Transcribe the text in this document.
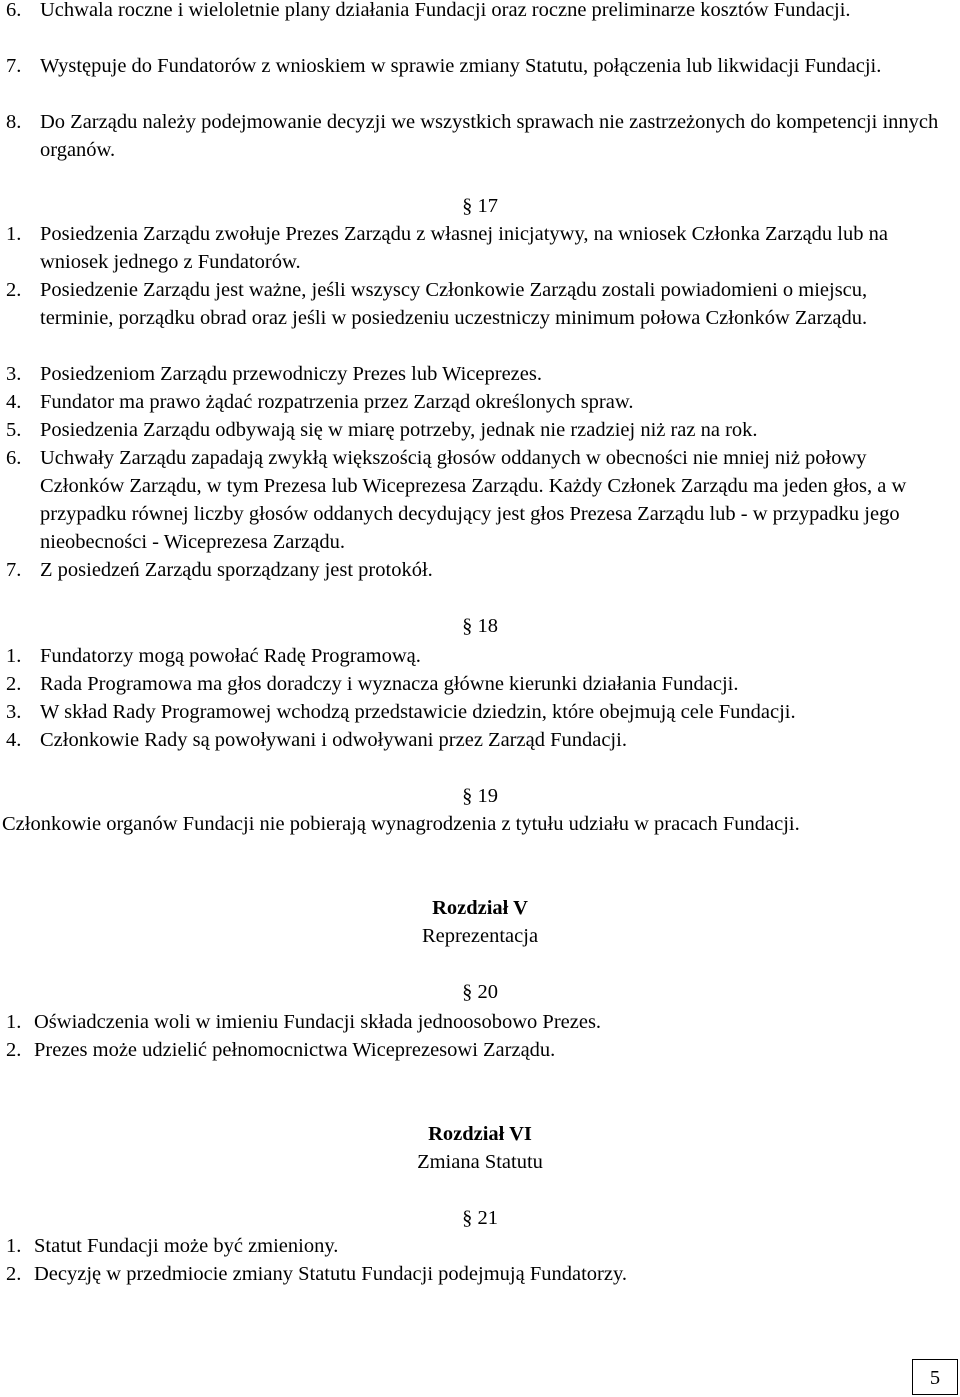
6. Uchwala roczne i wieloletnie plany działania Fundacji oraz roczne preliminarze kosztów Fundacji.
7. Występuje do Fundatorów z wnioskiem w sprawie zmiany Statutu, połączenia lub likwidacji Fundacji.
8. Do Zarządu należy podejmowanie decyzji we wszystkich sprawach nie zastrzeżonych do kompetencji innych organów.
§ 17
1. Posiedzenia Zarządu zwołuje Prezes Zarządu z własnej inicjatywy, na wniosek Członka Zarządu lub na wniosek jednego z Fundatorów.
2. Posiedzenie Zarządu jest ważne, jeśli wszyscy Członkowie Zarządu zostali powiadomieni o miejscu, terminie, porządku obrad oraz jeśli w posiedzeniu uczestniczy minimum połowa Członków Zarządu.
3. Posiedzeniom Zarządu przewodniczy Prezes lub Wiceprezes.
4. Fundator ma prawo żądać rozpatrzenia przez Zarząd określonych spraw.
5. Posiedzenia Zarządu odbywają się w miarę potrzeby, jednak nie rzadziej niż raz na rok.
6. Uchwały Zarządu zapadają zwykłą większością głosów oddanych w obecności nie mniej niż połowy Członków Zarządu, w tym Prezesa lub Wiceprezesa Zarządu. Każdy Członek Zarządu ma jeden głos, a w przypadku równej liczby głosów oddanych decydujący jest głos Prezesa Zarządu lub - w przypadku jego nieobecności - Wiceprezesa Zarządu.
7. Z posiedzeń Zarządu sporządzany jest protokół.
§ 18
1. Fundatorzy mogą powołać Radę Programową.
2. Rada Programowa ma głos doradczy i wyznacza główne kierunki działania Fundacji.
3. W skład Rady Programowej wchodzą przedstawicie dziedzin, które obejmują cele Fundacji.
4. Członkowie Rady są powoływani i odwoływani przez Zarząd Fundacji.
§ 19
Członkowie organów Fundacji nie pobierają wynagrodzenia z tytułu udziału w pracach Fundacji.
Rozdział V
Reprezentacja
§ 20
1. Oświadczenia woli w imieniu Fundacji składa jednoosobowo Prezes.
2. Prezes może udzielić pełnomocnictwa Wiceprezesowi Zarządu.
Rozdział VI
Zmiana Statutu
§ 21
1. Statut Fundacji może być zmieniony.
2. Decyzję w przedmiocie zmiany Statutu Fundacji podejmują Fundatorzy.
5
